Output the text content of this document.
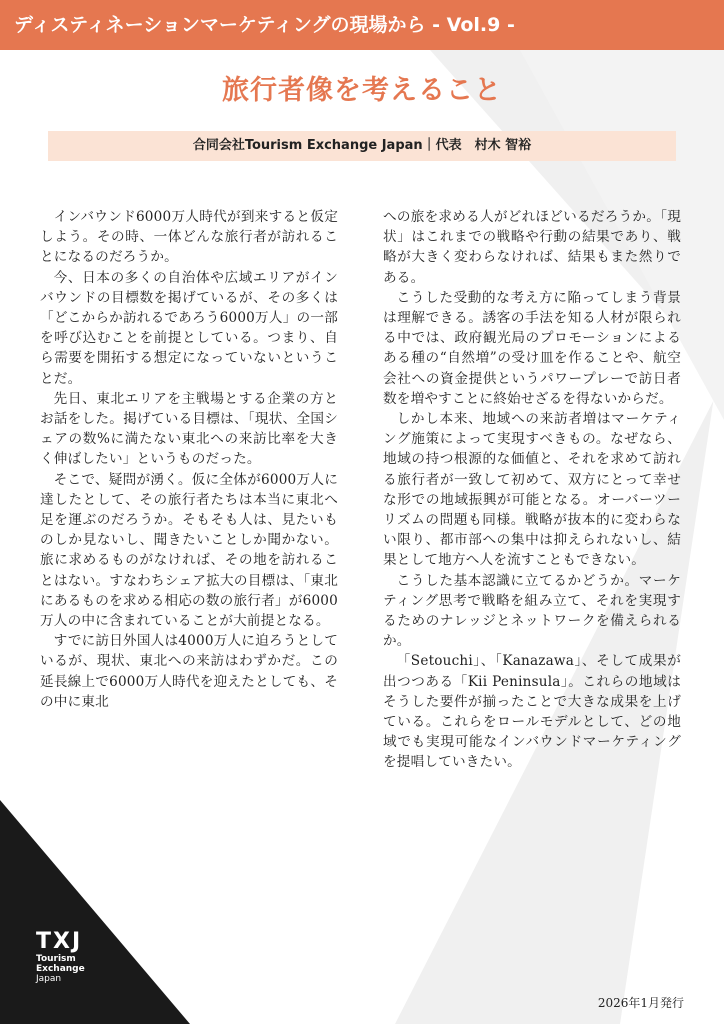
ディスティネーションマーケティングの現場から - Vol.9 -
旅行者像を考えること
合同会社Tourism Exchange Japan｜代表　村木 智裕

インバウンド6000万人時代が到来すると仮定しよう。その時、一体どんな旅行者が訪れることになるのだろうか。

今、日本の多くの自治体や広域エリアがインバウンドの目標数を掲げているが、その多くは「どこからか訪れるであろう6000万人」の一部を呼び込むことを前提としている。つまり、自ら需要を開拓する想定になっていないということだ。

先日、東北エリアを主戦場とする企業の方とお話をした。掲げている目標は、「現状、全国シェアの数%に満たない東北への来訪比率を大きく伸ばしたい」というものだった。

そこで、疑問が湧く。仮に全体が6000万人に達したとして、その旅行者たちは本当に東北へ足を運ぶのだろうか。そもそも人は、見たいものしか見ないし、聞きたいことしか聞かない。旅に求めるものがなければ、その地を訪れることはない。すなわちシェア拡大の目標は、「東北にあるものを求める相応の数の旅行者」が6000万人の中に含まれていることが大前提となる。

すでに訪日外国人は4000万人に迫ろうとしているが、現状、東北への来訪はわずかだ。この延長線上で6000万人時代を迎えたとしても、その中に東北

への旅を求める人がどれほどいるだろうか。「現状」はこれまでの戦略や行動の結果であり、戦略が大きく変わらなければ、結果もまた然りである。

こうした受動的な考え方に陥ってしまう背景は理解できる。誘客の手法を知る人材が限られる中では、政府観光局のプロモーションによるある種の“自然増”の受け皿を作ることや、航空会社への資金提供というパワープレーで訪日者数を増やすことに終始せざるを得ないからだ。

しかし本来、地域への来訪者増はマーケティング施策によって実現すべきもの。なぜなら、地域の持つ根源的な価値と、それを求めて訪れる旅行者が一致して初めて、双方にとって幸せな形での地域振興が可能となる。オーバーツーリズムの問題も同様。戦略が抜本的に変わらない限り、都市部への集中は抑えられないし、結果として地方へ人を流すこともできない。

こうした基本認識に立てるかどうか。マーケティング思考で戦略を組み立て、それを実現するためのナレッジとネットワークを備えられるか。

「Setouchi」、「Kanazawa」、そして成果が出つつある「Kii Peninsula」。これらの地域はそうした要件が揃ったことで大きな成果を上げている。これらをロールモデルとして、どの地域でも実現可能なインバウンドマーケティングを提唱していきたい。

TXJ
Tourism
Exchange
Japan
2026年1月発行
